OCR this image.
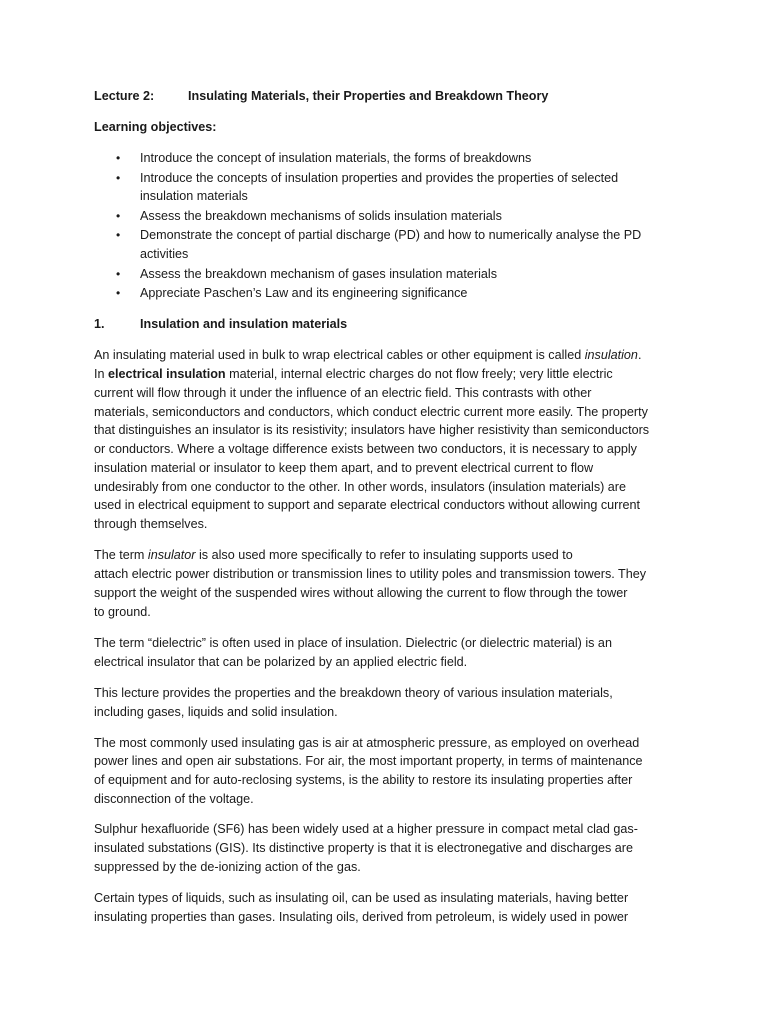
Lecture 2:	Insulating Materials, their Properties and Breakdown Theory
Learning objectives:
• Introduce the concept of insulation materials, the forms of breakdowns
• Introduce the concepts of insulation properties and provides the properties of selected
insulation materials
• Assess the breakdown mechanisms of solids insulation materials
• Demonstrate the concept of partial discharge (PD) and how to numerically analyse the PD
activities
• Assess the breakdown mechanism of gases insulation materials
• Appreciate Paschen’s Law and its engineering significance
1.	Insulation and insulation materials
An insulating material used in bulk to wrap electrical cables or other equipment is called insulation.
In electrical insulation material, internal electric charges do not flow freely; very little electric
current will flow through it under the influence of an electric field. This contrasts with other
materials, semiconductors and conductors, which conduct electric current more easily. The property
that distinguishes an insulator is its resistivity; insulators have higher resistivity than semiconductors
or conductors. Where a voltage difference exists between two conductors, it is necessary to apply
insulation material or insulator to keep them apart, and to prevent electrical current to flow
undesirably from one conductor to the other. In other words, insulators (insulation materials) are
used in electrical equipment to support and separate electrical conductors without allowing current
through themselves.
The term insulator is also used more specifically to refer to insulating supports used to
attach electric power distribution or transmission lines to utility poles and transmission towers. They
support the weight of the suspended wires without allowing the current to flow through the tower
to ground.
The term “dielectric” is often used in place of insulation. Dielectric (or dielectric material) is an
electrical insulator that can be polarized by an applied electric field.
This lecture provides the properties and the breakdown theory of various insulation materials,
including gases, liquids and solid insulation.
The most commonly used insulating gas is air at atmospheric pressure, as employed on overhead
power lines and open air substations. For air, the most important property, in terms of maintenance
of equipment and for auto-reclosing systems, is the ability to restore its insulating properties after
disconnection of the voltage.
Sulphur hexafluoride (SF6) has been widely used at a higher pressure in compact metal clad gas-
insulated substations (GIS). Its distinctive property is that it is electronegative and discharges are
suppressed by the de-ionizing action of the gas.
Certain types of liquids, such as insulating oil, can be used as insulating materials, having better
insulating properties than gases. Insulating oils, derived from petroleum, is widely used in power
